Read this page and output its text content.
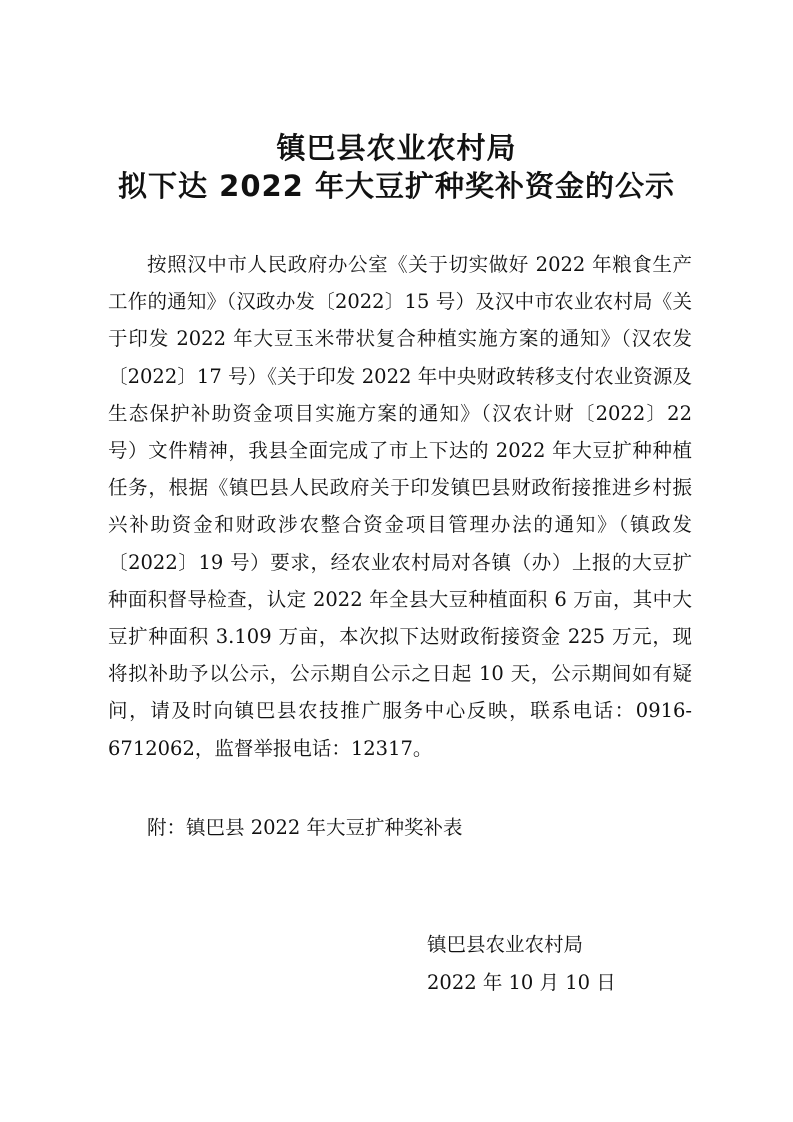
镇巴县农业农村局
拟下达 2022 年大豆扩种奖补资金的公示

按照汉中市人民政府办公室《关于切实做好 2022 年粮食生产工作的通知》（汉政办发〔2022〕15 号）及汉中市农业农村局《关于印发 2022 年大豆玉米带状复合种植实施方案的通知》（汉农发〔2022〕17 号）《关于印发 2022 年中央财政转移支付农业资源及生态保护补助资金项目实施方案的通知》（汉农计财〔2022〕22 号）文件精神，我县全面完成了市上下达的 2022 年大豆扩种种植任务，根据《镇巴县人民政府关于印发镇巴县财政衔接推进乡村振兴补助资金和财政涉农整合资金项目管理办法的通知》（镇政发〔2022〕19 号）要求，经农业农村局对各镇（办）上报的大豆扩种面积督导检查，认定 2022 年全县大豆种植面积 6 万亩，其中大豆扩种面积 3.109 万亩，本次拟下达财政衔接资金 225 万元，现将拟补助予以公示，公示期自公示之日起 10 天，公示期间如有疑问，请及时向镇巴县农技推广服务中心反映，联系电话：0916-6712062，监督举报电话：12317。

附：镇巴县 2022 年大豆扩种奖补表

镇巴县农业农村局

2022 年 10 月 10 日
